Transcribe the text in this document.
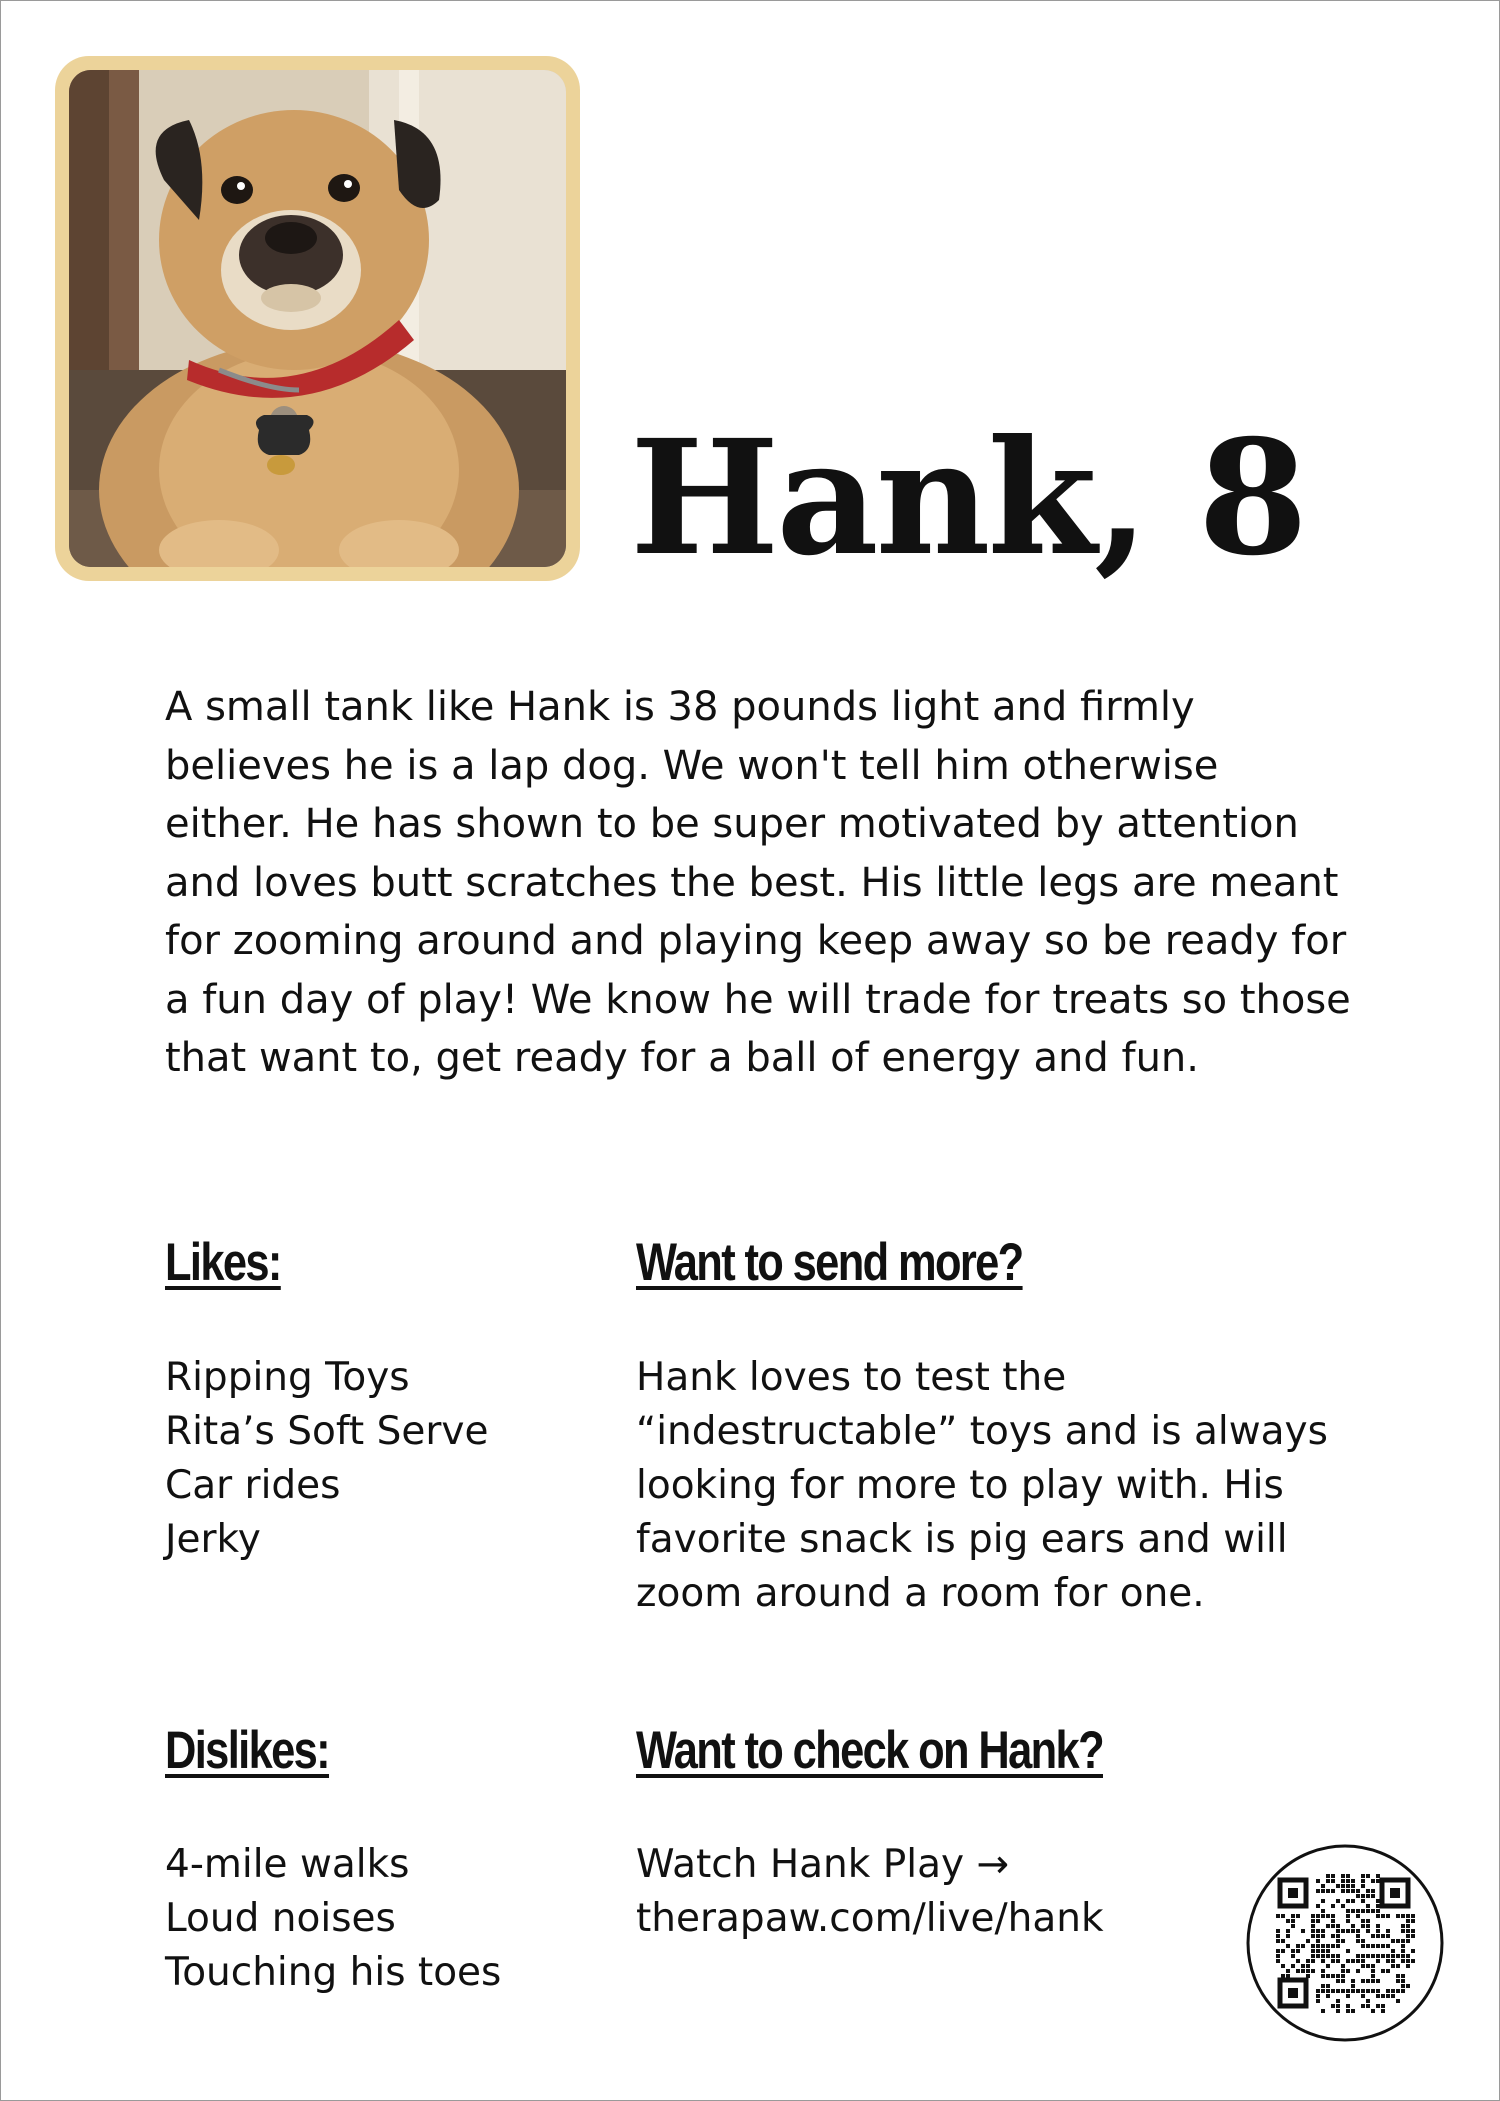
Hank, 8

A small tank like Hank is 38 pounds light and firmly believes he is a lap dog. We won't tell him otherwise either. He has shown to be super motivated by attention and loves butt scratches the best. His little legs are meant for zooming around and playing keep away so be ready for a fun day of play! We know he will trade for treats so those that want to, get ready for a ball of energy and fun.

Likes:
Ripping Toys
Rita’s Soft Serve
Car rides
Jerky
Want to send more?

Hank loves to test the “indestructable” toys and is always looking for more to play with. His favorite snack is pig ears and will zoom around a room for one.

Dislikes:
4-mile walks
Loud noises
Touching his toes
Want to check on Hank?
Watch Hank Play →
therapaw.com/live/hank
